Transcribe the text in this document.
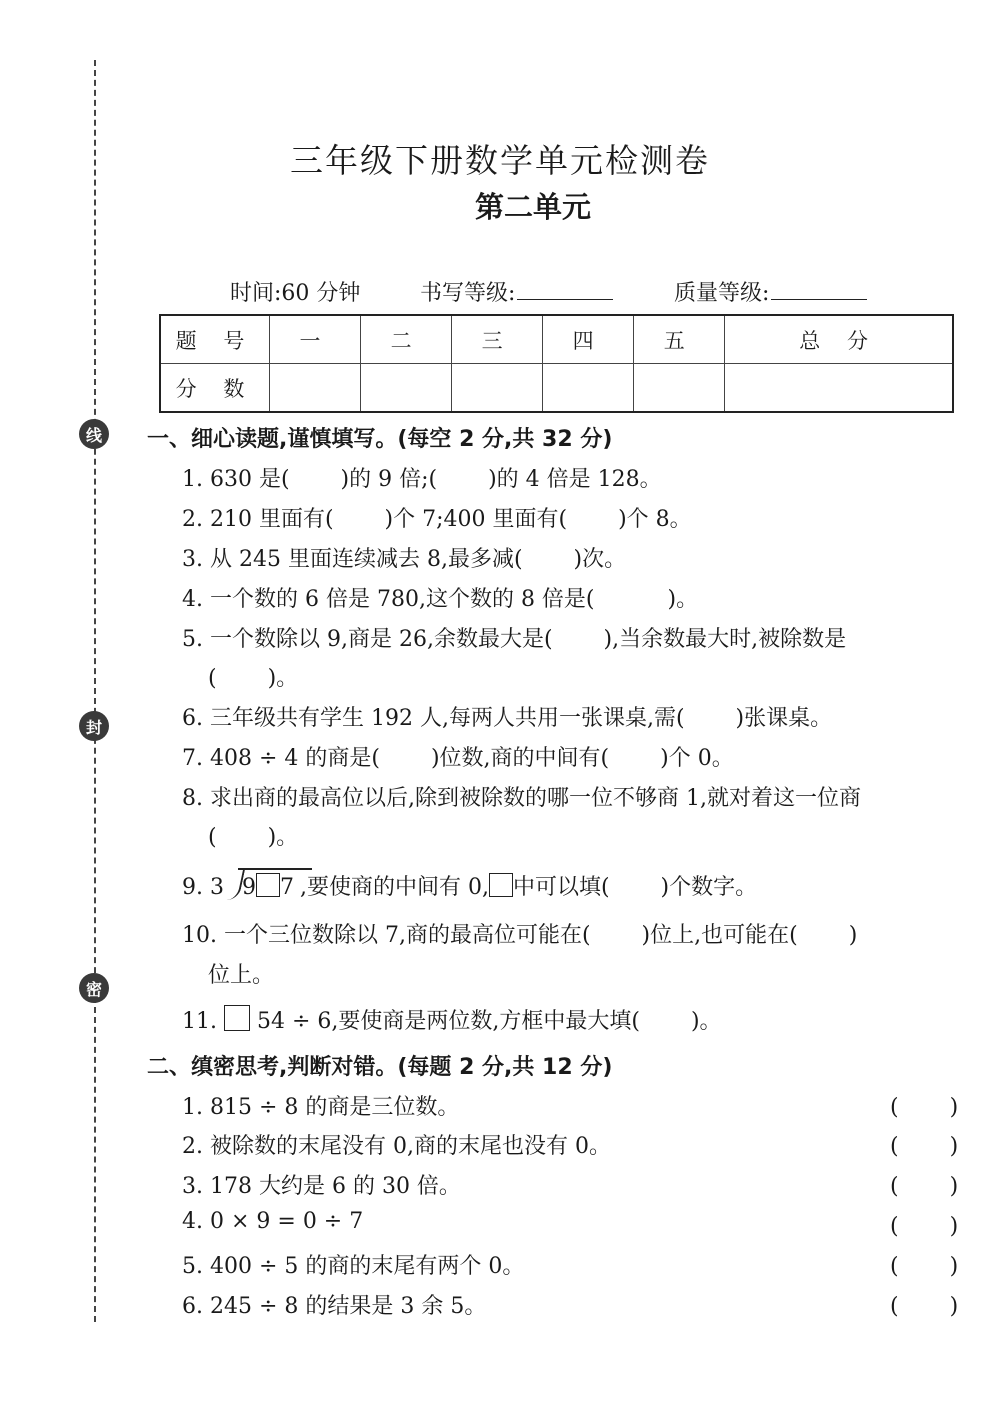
线
封
密
三年级下册数学单元检测卷
第二单元
时间:60 分钟	书写等级:	质量等级:
题 号	一	二	三	四	五	总 分
分 数						
一、细心读题,谨慎填写。(每空 2 分,共 32 分)
1. 630 是(　　 )的 9 倍;(　　 )的 4 倍是 128。
2. 210 里面有(　　 )个 7;400 里面有(　　 )个 8。
3. 从 245 里面连续减去 8,最多减(　　 )次。
4. 一个数的 6 倍是 780,这个数的 8 倍是(　　　 )。
5. 一个数除以 9,商是 26,余数最大是(　　 ),当余数最大时,被除数是
(　　 )。
6. 三年级共有学生 192 人,每两人共用一张课桌,需(　　 )张课桌。
7. 408 ÷ 4 的商是(　　 )位数,商的中间有(　　 )个 0。
8. 求出商的最高位以后,除到被除数的哪一位不够商 1,就对着这一位商
(　　 )。
9. 3 9 7 ,要使商的中间有 0, 中可以填(　　 )个数字。
10. 一个三位数除以 7,商的最高位可能在(　　 )位上,也可能在(　　 )
位上。
11. 54 ÷ 6,要使商是两位数,方框中最大填(　　 )。
二、缜密思考,判断对错。(每题 2 分,共 12 分)
1. 815 ÷ 8 的商是三位数。	(　　 )
2. 被除数的末尾没有 0,商的末尾也没有 0。	(　　 )
3. 178 大约是 6 的 30 倍。	(　　 )
4. 0 × 9 = 0 ÷ 7	(　　 )
5. 400 ÷ 5 的商的末尾有两个 0。	(　　 )
6. 245 ÷ 8 的结果是 3 余 5。	(　　 )
